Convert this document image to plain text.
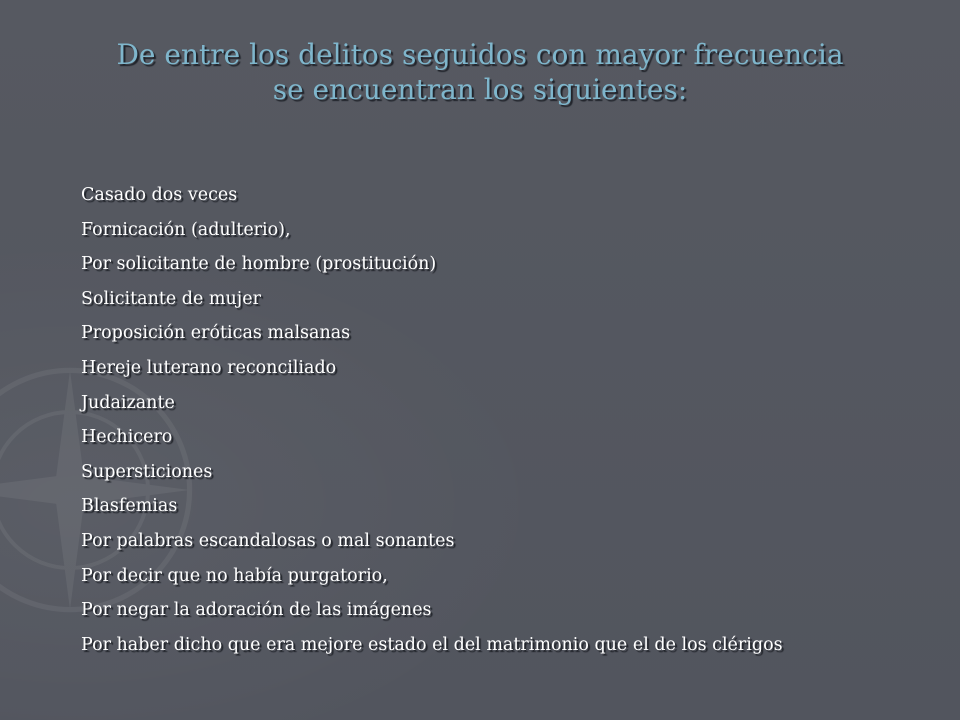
De entre los delitos seguidos con mayor frecuencia
se encuentran los siguientes:
Casado dos veces
Fornicación (adulterio),
Por solicitante de hombre (prostitución)
Solicitante de mujer
Proposición eróticas malsanas
Hereje luterano reconciliado
Judaizante
Hechicero
Supersticiones
Blasfemias
Por palabras escandalosas o mal sonantes
Por decir que no había purgatorio,
Por negar la adoración de las imágenes
Por haber dicho que era mejore estado el del matrimonio que el de los clérigos
